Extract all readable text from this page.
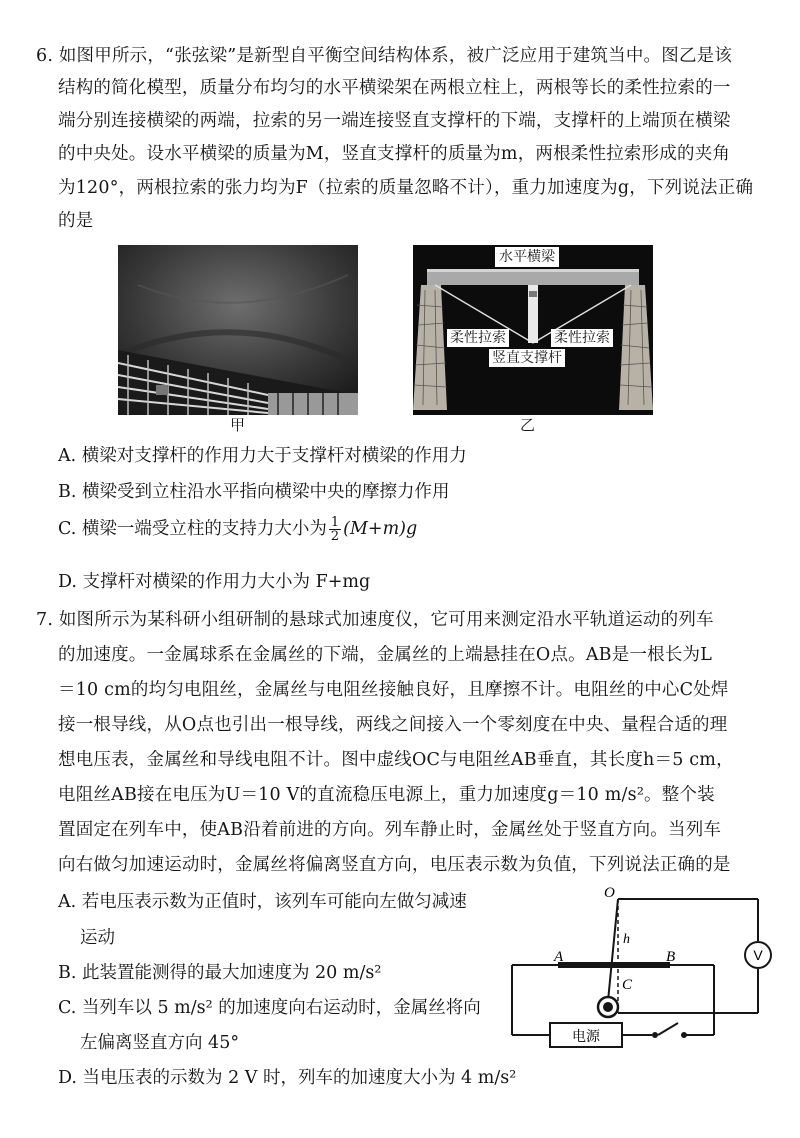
6. 如图甲所示，“张弦梁”是新型自平衡空间结构体系，被广泛应用于建筑当中。图乙是该
结构的简化模型，质量分布均匀的水平横梁架在两根立柱上，两根等长的柔性拉索的一
端分别连接横梁的两端，拉索的另一端连接竖直支撑杆的下端，支撑杆的上端顶在横梁
的中央处。设水平横梁的质量为M，竖直支撑杆的质量为m，两根柔性拉索形成的夹角
为120°，两根拉索的张力均为F（拉索的质量忽略不计），重力加速度为g，下列说法正确
的是
甲
水平横梁
柔性拉索	柔性拉索
竖直支撑杆
乙
A. 横梁对支撑杆的作用力大于支撑杆对横梁的作用力
B. 横梁受到立柱沿水平指向横梁中央的摩擦力作用
C. 横梁一端受立柱的支持力大小为 $\frac{1}{2} (M+m)g$
D. 支撑杆对横梁的作用力大小为 F+mg
7. 如图所示为某科研小组研制的悬球式加速度仪，它可用来测定沿水平轨道运动的列车
的加速度。一金属球系在金属丝的下端，金属丝的上端悬挂在O点。AB是一根长为L
＝10 cm的均匀电阻丝，金属丝与电阻丝接触良好，且摩擦不计。电阻丝的中心C处焊
接一根导线，从O点也引出一根导线，两线之间接入一个零刻度在中央、量程合适的理
想电压表，金属丝和导线电阻不计。图中虚线OC与电阻丝AB垂直，其长度h＝5 cm，
电阻丝AB接在电压为U＝10 V的直流稳压电源上，重力加速度g＝10 m/s²。整个装
置固定在列车中，使AB沿着前进的方向。列车静止时，金属丝处于竖直方向。当列车
向右做匀加速运动时，金属丝将偏离竖直方向，电压表示数为负值，下列说法正确的是
A. 若电压表示数为正值时，该列车可能向左做匀减速
运动
B. 此装置能测得的最大加速度为 20 m/s²
C. 当列车以 5 m/s² 的加速度向右运动时，金属丝将向
左偏离竖直方向 45°
D. 当电压表的示数为 2 V 时，列车的加速度大小为 4 m/s²
V
O
h
A	B
C
电源
